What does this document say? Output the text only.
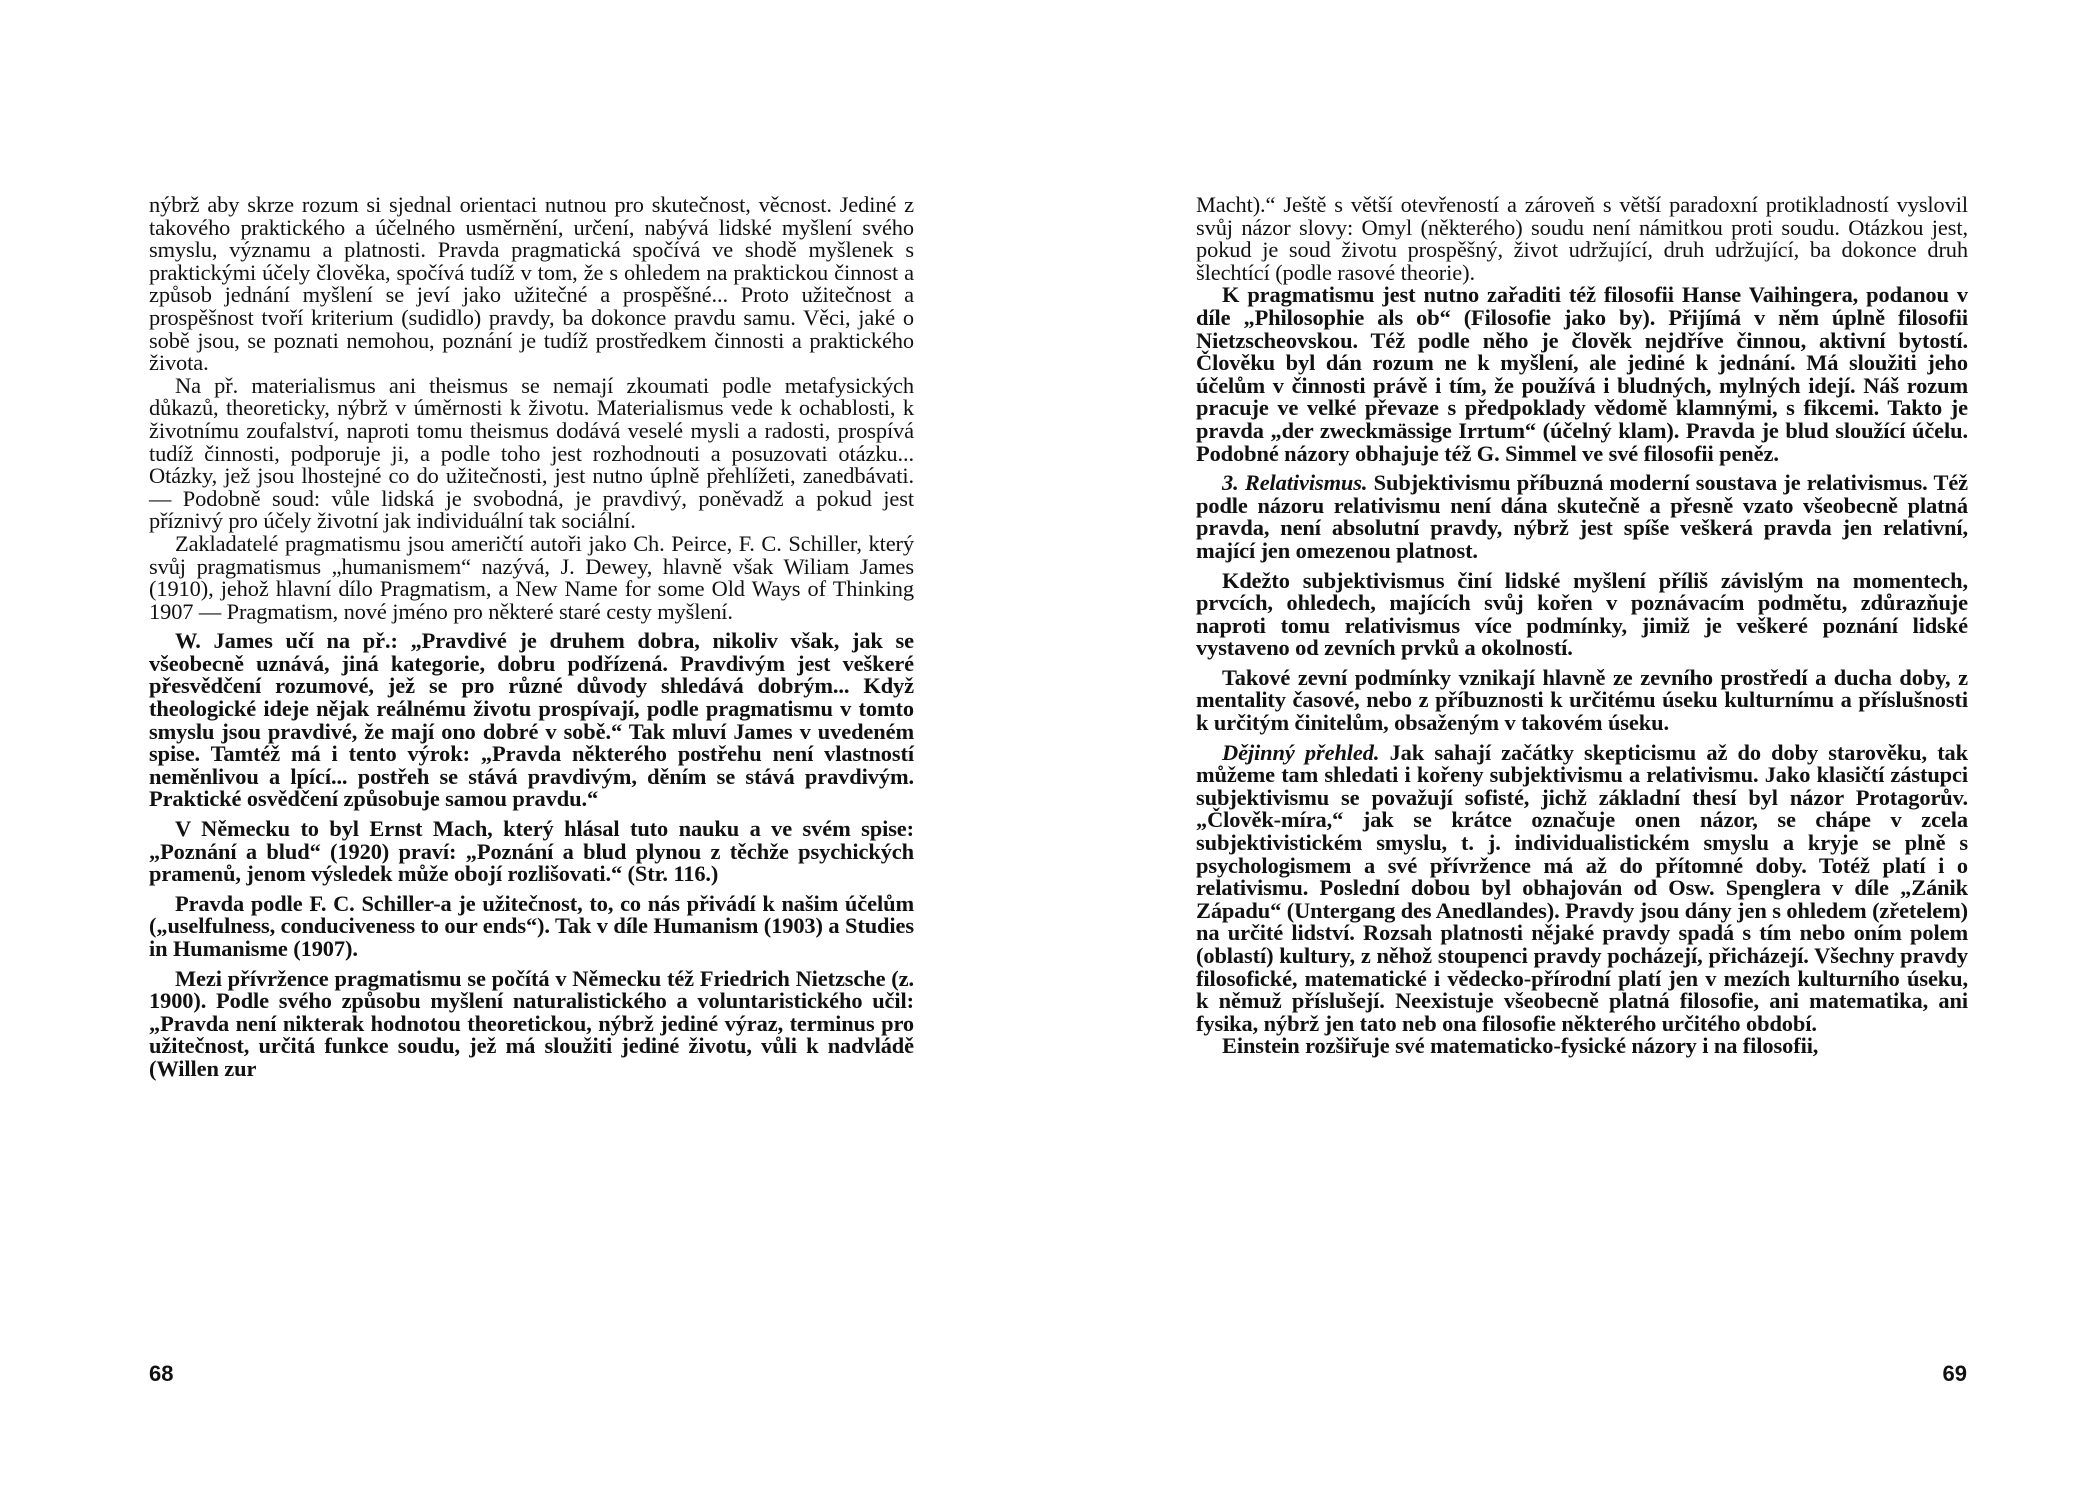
nýbrž aby skrze rozum si sjednal orientaci nutnou pro skutečnost, věcnost. Jediné z takového praktického a účelného usměrnění, určení, nabývá lidské myšlení svého smyslu, významu a platnosti. Pravda pragmatická spočívá ve shodě myšlenek s praktickými účely člověka, spočívá tudíž v tom, že s ohledem na praktickou činnost a způsob jednání myšlení se jeví jako užitečné a prospěšné... Proto užitečnost a prospěšnost tvoří kriterium (sudidlo) pravdy, ba dokonce pravdu samu. Věci, jaké o sobě jsou, se poznati nemohou, poznání je tudíž prostředkem činnosti a praktického života.

Na př. materialismus ani theismus se nemají zkoumati podle metafysických důkazů, theoreticky, nýbrž v úměrnosti k životu. Materialismus vede k ochablosti, k životnímu zoufalství, naproti tomu theismus dodává veselé mysli a radosti, prospívá tudíž činnosti, podporuje ji, a podle toho jest rozhodnouti a posuzovati otázku... Otázky, jež jsou lhostejné co do užitečnosti, jest nutno úplně přehlížeti, zanedbávati. — Podobně soud: vůle lidská je svobodná, je pravdivý, poněvadž a pokud jest příznivý pro účely životní jak individuální tak sociální.

Zakladatelé pragmatismu jsou američtí autoři jako Ch. Peirce, F. C. Schiller, který svůj pragmatismus „humanismem“ nazývá, J. Dewey, hlavně však Wiliam James (1910), jehož hlavní dílo Pragmatism, a New Name for some Old Ways of Thinking 1907 — Pragmatism, nové jméno pro některé staré cesty myšlení.

W. James učí na př.: „Pravdivé je druhem dobra, nikoliv však, jak se všeobecně uznává, jiná kategorie, dobru podřízená. Pravdivým jest veškeré přesvědčení rozumové, jež se pro různé důvody shledává dobrým... Když theologické ideje nějak reálnému životu prospívají, podle pragmatismu v tomto smyslu jsou pravdivé, že mají ono dobré v sobě.“ Tak mluví James v uvedeném spise. Tamtéž má i tento výrok: „Pravda některého postřehu není vlastností neměnlivou a lpící... postřeh se stává pravdivým, děním se stává pravdivým. Praktické osvědčení způsobuje samou pravdu.“

V Německu to byl Ernst Mach, který hlásal tuto nauku a ve svém spise: „Poznání a blud“ (1920) praví: „Poznání a blud plynou z těchže psychických pramenů, jenom výsledek může obojí rozlišovati.“ (Str. 116.)

Pravda podle F. C. Schiller-a je užitečnost, to, co nás přivádí k našim účelům („uselfulness, conduciveness to our ends“). Tak v díle Humanism (1903) a Studies in Humanisme (1907).

Mezi přívržence pragmatismu se počítá v Německu též Friedrich Nietzsche (z. 1900). Podle svého způsobu myšlení naturalistického a voluntaristického učil: „Pravda není nikterak hodnotou theoretickou, nýbrž jediné výraz, terminus pro užitečnost, určitá funkce soudu, jež má sloužiti jediné životu, vůli k nadvládě (Willen zur

68

Macht).“ Ještě s větší otevřeností a zároveň s větší paradoxní protikladností vyslovil svůj názor slovy: Omyl (některého) soudu není námitkou proti soudu. Otázkou jest, pokud je soud životu prospěšný, život udržující, druh udržující, ba dokonce druh šlechtící (podle rasové theorie).

K pragmatismu jest nutno zařaditi též filosofii Hanse Vaihingera, podanou v díle „Philosophie als ob“ (Filosofie jako by). Přijímá v něm úplně filosofii Nietzscheovskou. Též podle něho je člověk nejdříve činnou, aktivní bytostí. Člověku byl dán rozum ne k myšlení, ale jediné k jednání. Má sloužiti jeho účelům v činnosti právě i tím, že používá i bludných, mylných idejí. Náš rozum pracuje ve velké převaze s předpoklady vědomě klamnými, s fikcemi. Takto je pravda „der zweckmässige Irrtum“ (účelný klam). Pravda je blud sloužící účelu. Podobné názory obhajuje též G. Simmel ve své filosofii peněz.

3. Relativismus. Subjektivismu příbuzná moderní soustava je relativismus. Též podle názoru relativismu není dána skutečně a přesně vzato všeobecně platná pravda, není absolutní pravdy, nýbrž jest spíše veškerá pravda jen relativní, mající jen omezenou platnost.

Kdežto subjektivismus činí lidské myšlení příliš závislým na momentech, prvcích, ohledech, majících svůj kořen v poznávacím podmětu, zdůrazňuje naproti tomu relativismus více podmínky, jimiž je veškeré poznání lidské vystaveno od zevních prvků a okolností.

Takové zevní podmínky vznikají hlavně ze zevního prostředí a ducha doby, z mentality časové, nebo z příbuznosti k určitému úseku kulturnímu a příslušnosti k určitým činitelům, obsaženým v takovém úseku.

Dějinný přehled. Jak sahají začátky skepticismu až do doby starověku, tak můžeme tam shledati i kořeny subjektivismu a relativismu. Jako klasičtí zástupci subjektivismu se považují sofisté, jichž základní thesí byl názor Protagorův. „Člověk-míra,“ jak se krátce označuje onen názor, se chápe v zcela subjektivistickém smyslu, t. j. individualistickém smyslu a kryje se plně s psychologismem a své přívržence má až do přítomné doby. Totéž platí i o relativismu. Poslední dobou byl obhajován od Osw. Spenglera v díle „Zánik Západu“ (Untergang des Anedlandes). Pravdy jsou dány jen s ohledem (zřetelem) na určité lidství. Rozsah platnosti nějaké pravdy spadá s tím nebo oním polem (oblastí) kultury, z něhož stoupenci pravdy pocházejí, přicházejí. Všechny pravdy filosofické, matematické i vědecko-přírodní platí jen v mezích kulturního úseku, k němuž příslušejí. Neexistuje všeobecně platná filosofie, ani matematika, ani fysika, nýbrž jen tato neb ona filosofie některého určitého období.

Einstein rozšiřuje své matematicko-fysické názory i na filosofii,

69
